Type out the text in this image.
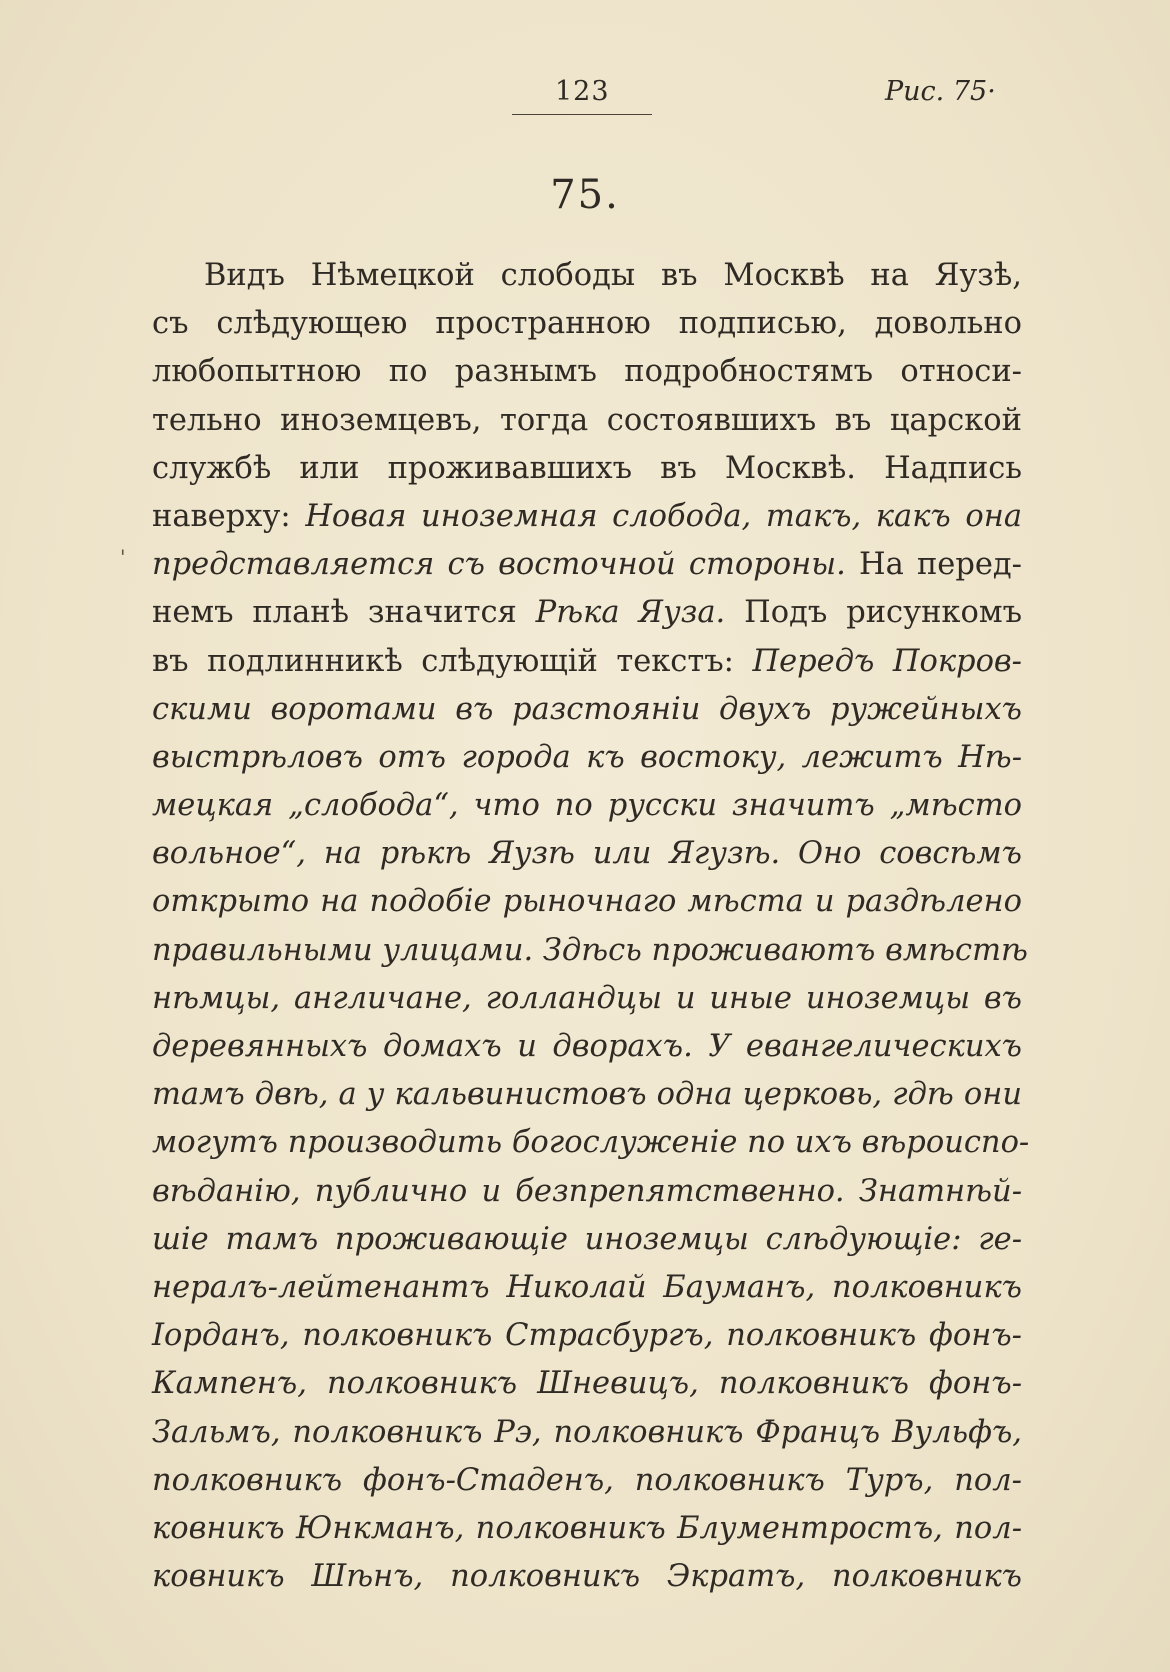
123	Рис. 75·
75.
'

Видъ Нѣмецкой слободы въ Москвѣ на Яузѣ,
съ слѣдующею пространною подписью, довольно
любопытною по разнымъ подробностямъ относи-
тельно иноземцевъ, тогда состоявшихъ въ царской
службѣ или проживавшихъ въ Москвѣ. Надпись
наверху: Новая иноземная слобода, такъ, какъ она
представляется съ восточной стороны. На перед-
немъ планѣ значится Рѣка Яуза. Подъ рисункомъ
въ подлинникѣ слѣдующій текстъ: Передъ Покров-
скими воротами въ разстояніи двухъ ружейныхъ
выстрѣловъ отъ города къ востоку, лежитъ Нѣ-
мецкая „слобода“, что по русски значитъ „мѣсто
вольное“, на рѣкѣ Яузѣ или Ягузѣ. Оно совсѣмъ
открыто на подобіе рыночнаго мѣста и раздѣлено
правильными улицами. Здѣсь проживаютъ вмѣстѣ
нѣмцы, англичане, голландцы и иные иноземцы въ
деревянныхъ домахъ и дворахъ. У евангелическихъ
тамъ двѣ, а у кальвинистовъ одна церковь, гдѣ они
могутъ производить богослуженіе по ихъ вѣроиспо-
вѣданію, публично и безпрепятственно. Знатнѣй-
шіе тамъ проживающіе иноземцы слѣдующіе: ге-
нералъ-лейтенантъ Николай Бауманъ, полковникъ
Іорданъ, полковникъ Страсбургъ, полковникъ фонъ-
Кампенъ, полковникъ Шневицъ, полковникъ фонъ-
Зальмъ, полковникъ Рэ, полковникъ Францъ Вульфъ,
полковникъ фонъ-Стаденъ, полковникъ Туръ, пол-
ковникъ Юнкманъ, полковникъ Блументростъ, пол-
ковникъ Шѣнъ, полковникъ Экратъ, полковникъ
